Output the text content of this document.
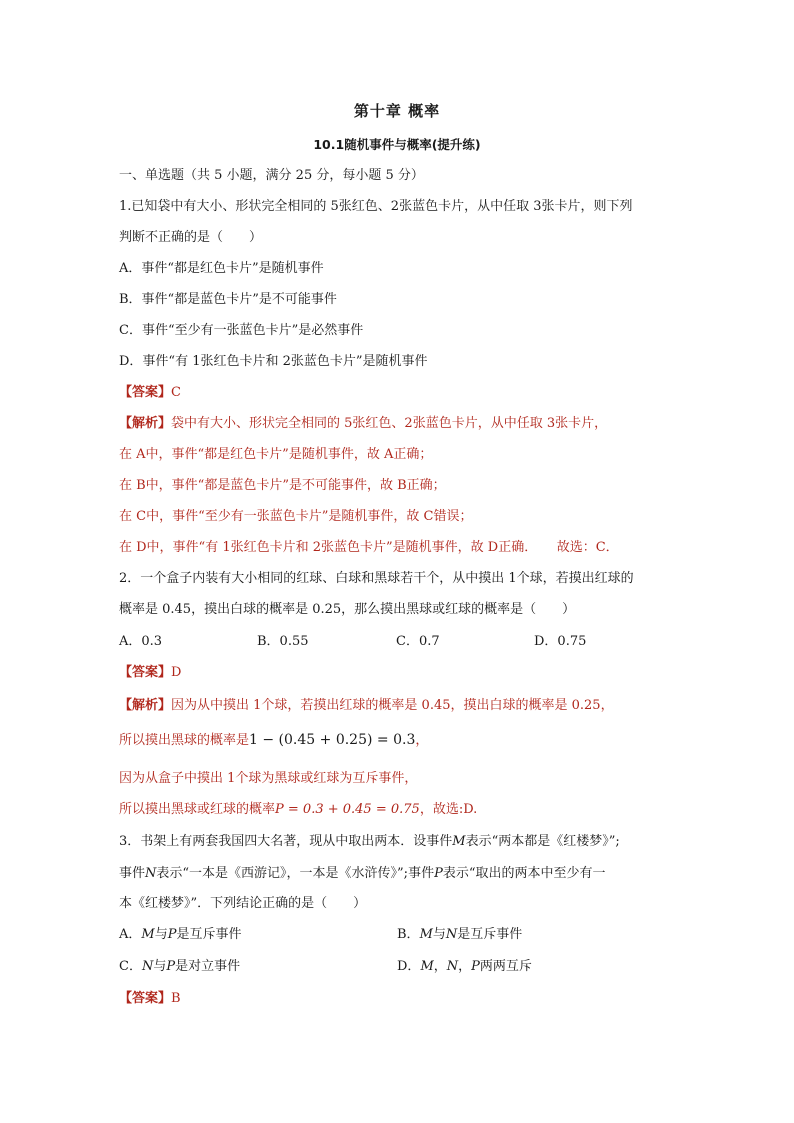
第十章 概率
10.1随机事件与概率(提升练)
一、单选题（共 5 小题，满分 25 分，每小题 5 分）
1.已知袋中有大小、形状完全相同的 5张红色、2张蓝色卡片，从中任取 3张卡片，则下列
判断不正确的是（　　）
A．事件“都是红色卡片”是随机事件
B．事件“都是蓝色卡片”是不可能事件
C．事件“至少有一张蓝色卡片”是必然事件
D．事件“有 1张红色卡片和 2张蓝色卡片”是随机事件
【答案】C
【解析】袋中有大小、形状完全相同的 5张红色、2张蓝色卡片，从中任取 3张卡片，
在 A中，事件“都是红色卡片”是随机事件，故 A正确；
在 B中，事件“都是蓝色卡片”是不可能事件，故 B正确；
在 C中，事件“至少有一张蓝色卡片”是随机事件，故 C错误；
在 D中，事件“有 1张红色卡片和 2张蓝色卡片”是随机事件，故 D正确．　　故选：C．
2．一个盒子内装有大小相同的红球、白球和黑球若干个，从中摸出 1个球，若摸出红球的
概率是 0.45，摸出白球的概率是 0.25，那么摸出黑球或红球的概率是（　　）
A．0.3	B．0.55	C．0.7	D．0.75
【答案】D
【解析】因为从中摸出 1个球，若摸出红球的概率是 0.45，摸出白球的概率是 0.25，
所以摸出黑球的概率是1 − (0.45 + 0.25) = 0.3，
因为从盒子中摸出 1个球为黑球或红球为互斥事件，
所以摸出黑球或红球的概率P = 0.3 + 0.45 = 0.75，故选:D.
3．书架上有两套我国四大名著，现从中取出两本．设事件M表示“两本都是《红楼梦》”;
事件N表示“一本是《西游记》，一本是《水浒传》”;事件P表示“取出的两本中至少有一
本《红楼梦》”．下列结论正确的是（　　）
A．M与P是互斥事件	B．M与N是互斥事件
C．N与P是对立事件	D．M，N，P两两互斥
【答案】B
